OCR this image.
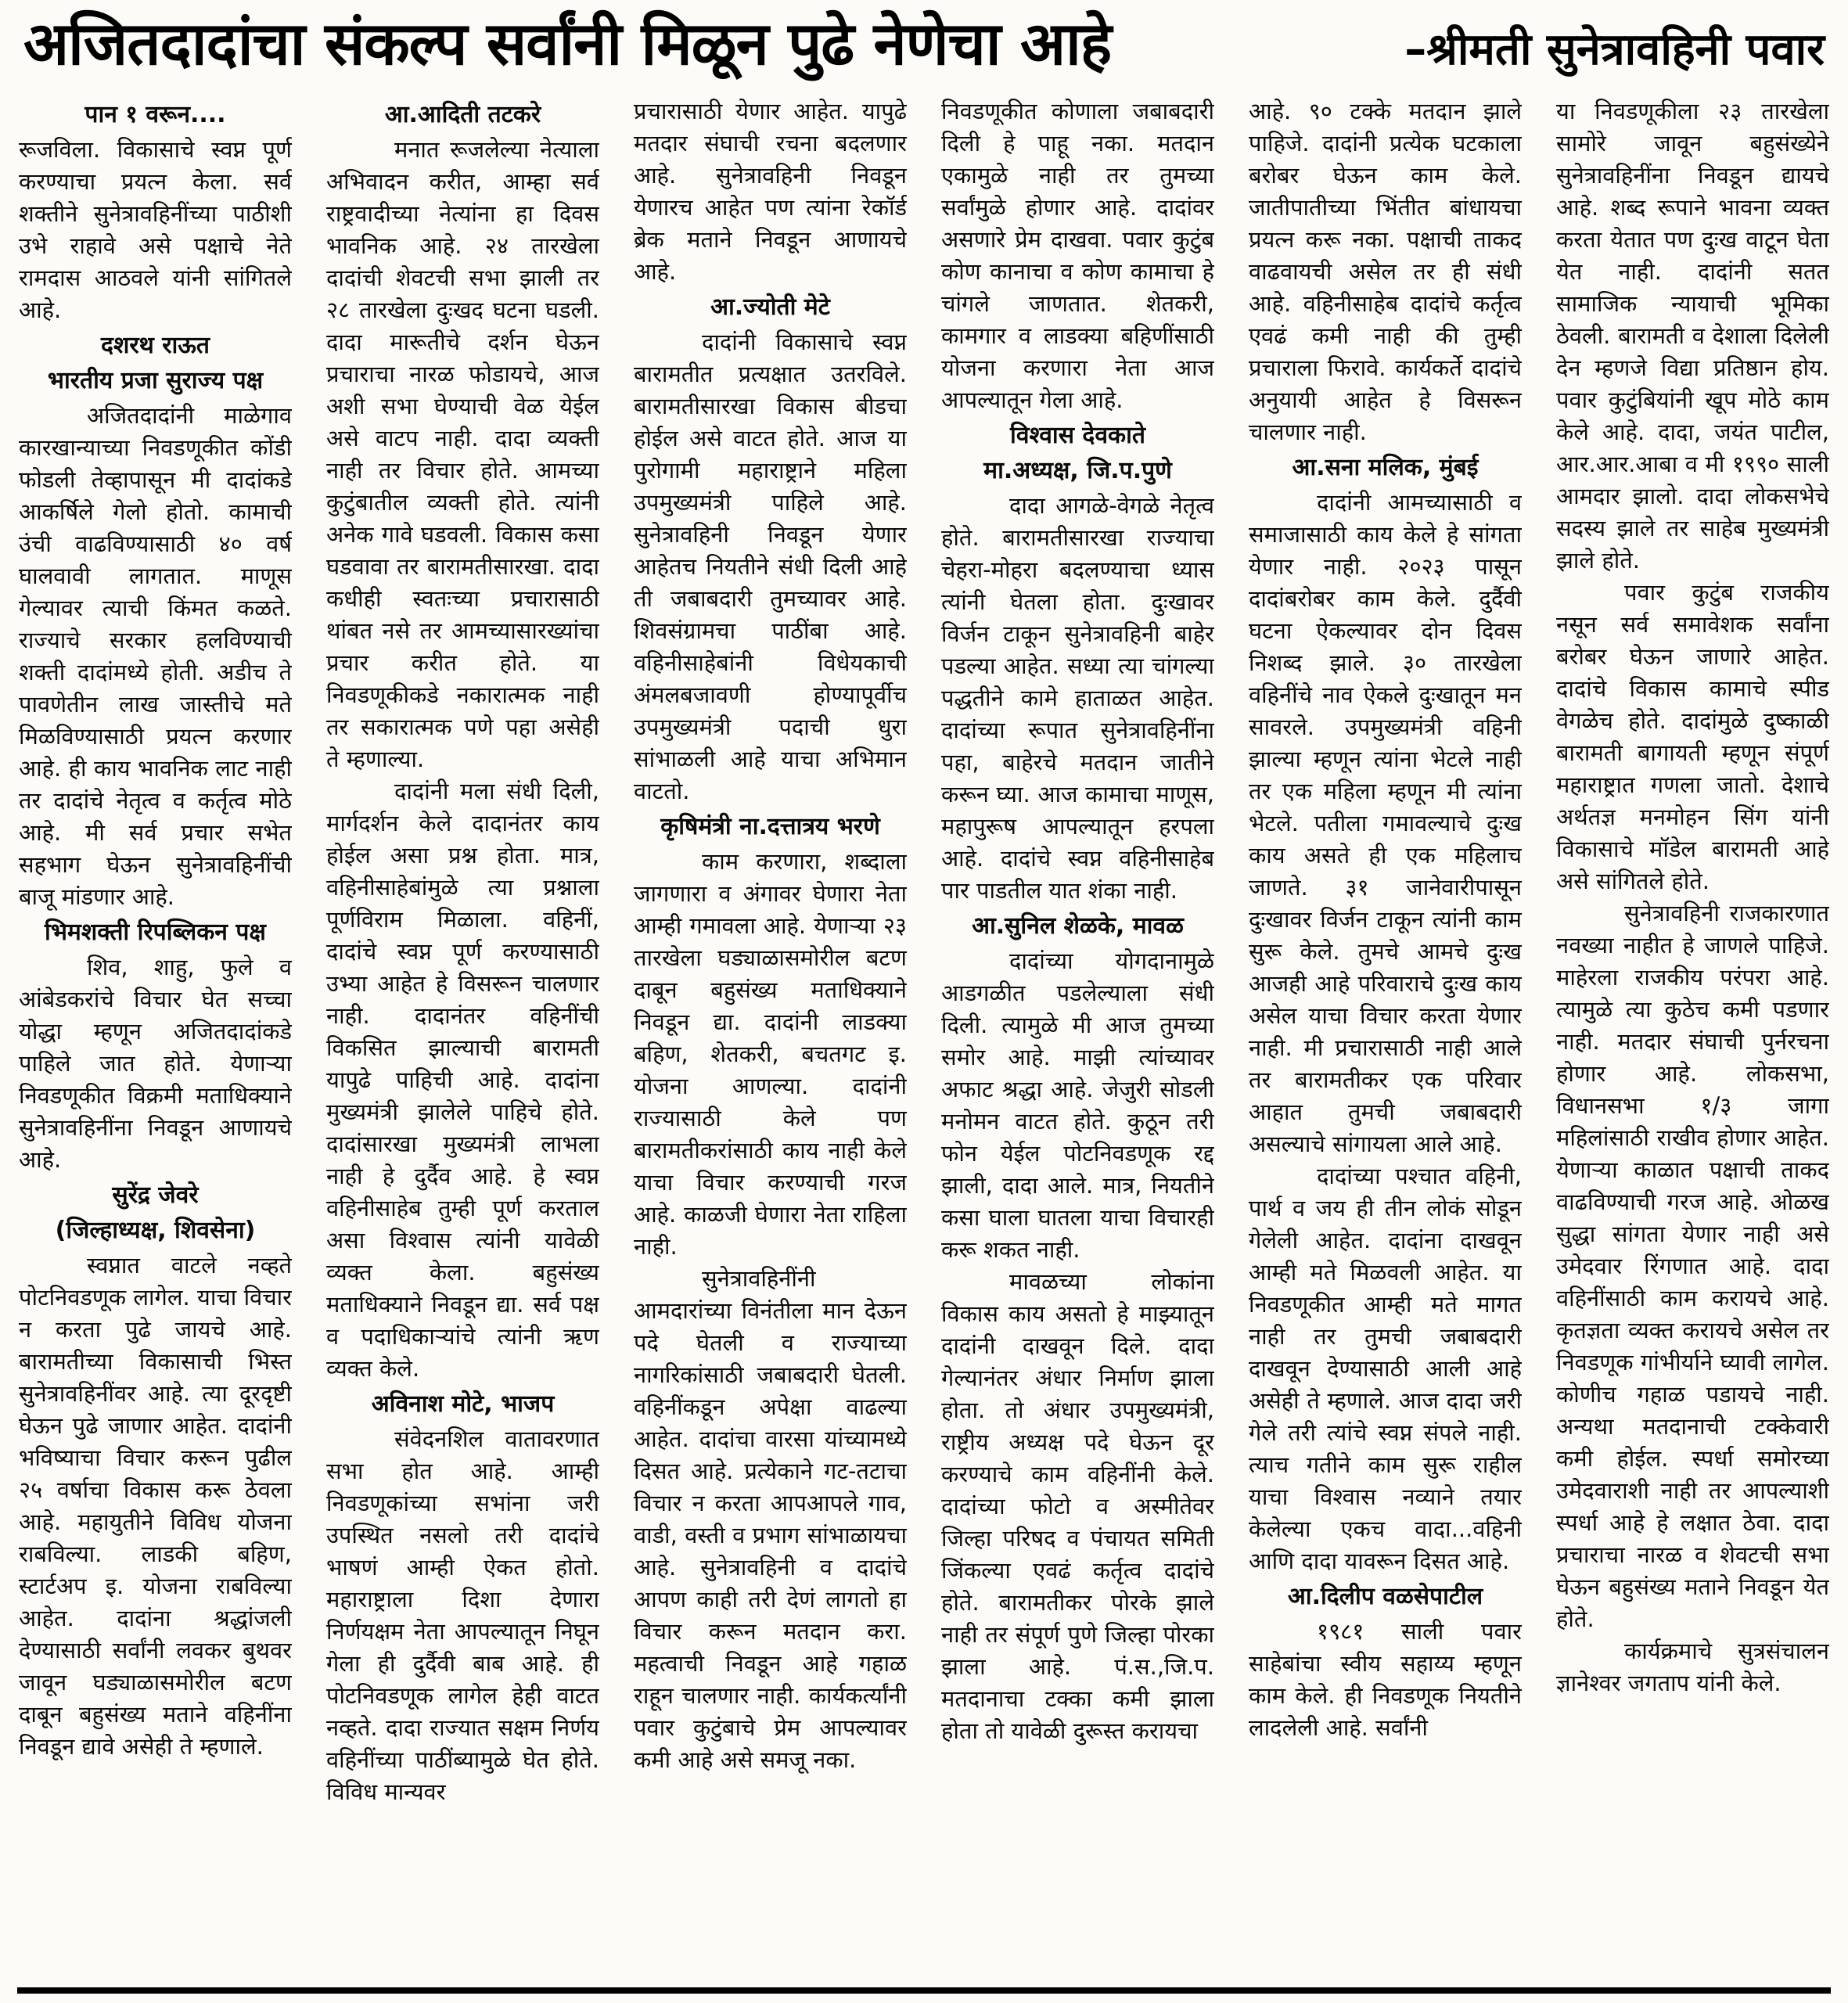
अजितदादांचा संकल्प सर्वांनी मिळून पुढे नेणेचा आहे	–श्रीमती सुनेत्रावहिनी पवार
पान १ वरून....

रूजविला. विकासाचे स्वप्न पूर्ण करण्याचा प्रयत्न केला. सर्व शक्तीने सुनेत्रावहिनींच्या पाठीशी उभे राहावे असे पक्षाचे नेते रामदास आठवले यांनी सांगितले आहे.

दशरथ राऊत
भारतीय प्रजा सुराज्य पक्ष

अजितदादांनी माळेगाव कारखान्याच्या निवडणूकीत कोंडी फोडली तेव्हापासून मी दादांकडे आकर्षिले गेलो होतो. कामाची उंची वाढविण्यासाठी ४० वर्ष घालवावी लागतात. माणूस गेल्यावर त्याची किंमत कळते. राज्याचे सरकार हलविण्याची शक्ती दादांमध्ये होती. अडीच ते पावणेतीन लाख जास्तीचे मते मिळविण्यासाठी प्रयत्न करणार आहे. ही काय भावनिक लाट नाही तर दादांचे नेतृत्व व कर्तृत्व मोठे आहे. मी सर्व प्रचार सभेत सहभाग घेऊन सुनेत्रावहिनींची बाजू मांडणार आहे.

भिमशक्ती रिपब्लिकन पक्ष

शिव, शाहु, फुले व आंबेडकरांचे विचार घेत सच्चा योद्धा म्हणून अजितदादांकडे पाहिले जात होते. येणाऱ्या निवडणूकीत विक्रमी मताधिक्याने सुनेत्रावहिनींना निवडून आणायचे आहे.

सुरेंद्र जेवरे
(जिल्हाध्यक्ष, शिवसेना)

स्वप्नात वाटले नव्हते पोटनिवडणूक लागेल. याचा विचार न करता पुढे जायचे आहे. बारामतीच्या विकासाची भिस्त सुनेत्रावहिनींवर आहे. त्या दूरदृष्टी घेऊन पुढे जाणार आहेत. दादांनी भविष्याचा विचार करून पुढील २५ वर्षाचा विकास करू ठेवला आहे. महायुतीने विविध योजना राबविल्या. लाडकी बहिण, स्टार्टअप इ. योजना राबविल्या आहेत. दादांना श्रद्धांजली देण्यासाठी सर्वांनी लवकर बुथवर जावून घड्याळासमोरील बटण दाबून बहुसंख्य मताने वहिनींना निवडून द्यावे असेही ते म्हणाले.

आ.आदिती तटकरे

मनात रूजलेल्या नेत्याला अभिवादन करीत, आम्हा सर्व राष्ट्रवादीच्या नेत्यांना हा दिवस भावनिक आहे. २४ तारखेला दादांची शेवटची सभा झाली तर २८ तारखेला दुःखद घटना घडली. दादा मारूतीचे दर्शन घेऊन प्रचाराचा नारळ फोडायचे, आज अशी सभा घेण्याची वेळ येईल असे वाटप नाही. दादा व्यक्ती नाही तर विचार होते. आमच्या कुटुंबातील व्यक्ती होते. त्यांनी अनेक गावे घडवली. विकास कसा घडवावा तर बारामतीसारखा. दादा कधीही स्वतःच्या प्रचारासाठी थांबत नसे तर आमच्यासारख्यांचा प्रचार करीत होते. या निवडणूकीकडे नकारात्मक नाही तर सकारात्मक पणे पहा असेही ते म्हणाल्या.

दादांनी मला संधी दिली, मार्गदर्शन केले दादानंतर काय होईल असा प्रश्न होता. मात्र, वहिनीसाहेबांमुळे त्या प्रश्नाला पूर्णविराम मिळाला. वहिनीं, दादांचे स्वप्न पूर्ण करण्यासाठी उभ्या आहेत हे विसरून चालणार नाही. दादानंतर वहिनींची विकसित झाल्याची बारामती यापुढे पाहिची आहे. दादांना मुख्यमंत्री झालेले पाहिचे होते. दादांसारखा मुख्यमंत्री लाभला नाही हे दुर्दैव आहे. हे स्वप्न वहिनीसाहेब तुम्ही पूर्ण करताल असा विश्वास त्यांनी यावेळी व्यक्त केला. बहुसंख्य मताधिक्याने निवडून द्या. सर्व पक्ष व पदाधिकाऱ्यांचे त्यांनी ऋण व्यक्त केले.

अविनाश मोटे, भाजप

संवेदनशिल वातावरणात सभा होत आहे. आम्ही निवडणूकांच्या सभांना जरी उपस्थित नसलो तरी दादांचे भाषणं आम्ही ऐकत होतो. महाराष्ट्राला दिशा देणारा निर्णयक्षम नेता आपल्यातून निघून गेला ही दुर्दैवी बाब आहे. ही पोटनिवडणूक लागेल हेही वाटत नव्हते. दादा राज्यात सक्षम निर्णय वहिनींच्या पाठींब्यामुळे घेत होते. विविध मान्यवर

प्रचारासाठी येणार आहेत. यापुढे मतदार संघाची रचना बदलणार आहे. सुनेत्रावहिनी निवडून येणारच आहेत पण त्यांना रेकॉर्ड ब्रेक मताने निवडून आणायचे आहे.

आ.ज्योती मेटे

दादांनी विकासाचे स्वप्न बारामतीत प्रत्यक्षात उतरविले. बारामतीसारखा विकास बीडचा होईल असे वाटत होते. आज या पुरोगामी महाराष्ट्राने महिला उपमुख्यमंत्री पाहिले आहे. सुनेत्रावहिनी निवडून येणार आहेतच नियतीने संधी दिली आहे ती जबाबदारी तुमच्यावर आहे. शिवसंग्रामचा पाठींबा आहे. वहिनीसाहेबांनी विधेयकाची अंमलबजावणी होण्यापूर्वीच उपमुख्यमंत्री पदाची धुरा सांभाळली आहे याचा अभिमान वाटतो.

कृषिमंत्री ना.दत्तात्रय भरणे

काम करणारा, शब्दाला जागणारा व अंगावर घेणारा नेता आम्ही गमावला आहे. येणाऱ्या २३ तारखेला घड्याळासमोरील बटण दाबून बहुसंख्य मताधिक्याने निवडून द्या. दादांनी लाडक्या बहिण, शेतकरी, बचतगट इ. योजना आणल्या. दादांनी राज्यासाठी केले पण बारामतीकरांसाठी काय नाही केले याचा विचार करण्याची गरज आहे. काळजी घेणारा नेता राहिला नाही.

सुनेत्रावहिनींनी आमदारांच्या विनंतीला मान देऊन पदे घेतली व राज्याच्या नागरिकांसाठी जबाबदारी घेतली. वहिनींकडून अपेक्षा वाढल्या आहेत. दादांचा वारसा यांच्यामध्ये दिसत आहे. प्रत्येकाने गट-तटाचा विचार न करता आपआपले गाव, वाडी, वस्ती व प्रभाग सांभाळायचा आहे. सुनेत्रावहिनी व दादांचे आपण काही तरी देणं लागतो हा विचार करून मतदान करा. महत्वाची निवडून आहे गहाळ राहून चालणार नाही. कार्यकर्त्यांनी पवार कुटुंबाचे प्रेम आपल्यावर कमी आहे असे समजू नका.

निवडणूकीत कोणाला जबाबदारी दिली हे पाहू नका. मतदान एकामुळे नाही तर तुमच्या सर्वांमुळे होणार आहे. दादांवर असणारे प्रेम दाखवा. पवार कुटुंब कोण कानाचा व कोण कामाचा हे चांगले जाणतात. शेतकरी, कामगार व लाडक्या बहिणींसाठी योजना करणारा नेता आज आपल्यातून गेला आहे.

विश्वास देवकाते
मा.अध्यक्ष, जि.प.पुणे

दादा आगळे-वेगळे नेतृत्व होते. बारामतीसारखा राज्याचा चेहरा-मोहरा बदलण्याचा ध्यास त्यांनी घेतला होता. दुःखावर विर्जन टाकून सुनेत्रावहिनी बाहेर पडल्या आहेत. सध्या त्या चांगल्या पद्धतीने कामे हाताळत आहेत. दादांच्या रूपात सुनेत्रावहिनींना पहा, बाहेरचे मतदान जातीने करून घ्या. आज कामाचा माणूस, महापुरूष आपल्यातून हरपला आहे. दादांचे स्वप्न वहिनीसाहेब पार पाडतील यात शंका नाही.

आ.सुनिल शेळके, मावळ

दादांच्या योगदानामुळे आडगळीत पडलेल्याला संधी दिली. त्यामुळे मी आज तुमच्या समोर आहे. माझी त्यांच्यावर अफाट श्रद्धा आहे. जेजुरी सोडली मनोमन वाटत होते. कुठून तरी फोन येईल पोटनिवडणूक रद्द झाली, दादा आले. मात्र, नियतीने कसा घाला घातला याचा विचारही करू शकत नाही.

मावळच्या लोकांना विकास काय असतो हे माझ्यातून दादांनी दाखवून दिले. दादा गेल्यानंतर अंधार निर्माण झाला होता. तो अंधार उपमुख्यमंत्री, राष्ट्रीय अध्यक्ष पदे घेऊन दूर करण्याचे काम वहिनींनी केले. दादांच्या फोटो व अस्मीतेवर जिल्हा परिषद व पंचायत समिती जिंकल्या एवढं कर्तृत्व दादांचे होते. बारामतीकर पोरके झाले नाही तर संपूर्ण पुणे जिल्हा पोरका झाला आहे. पं.स.,जि.प. मतदानाचा टक्का कमी झाला होता तो यावेळी दुरूस्त करायचा

आहे. ९० टक्के मतदान झाले पाहिजे. दादांनी प्रत्येक घटकाला बरोबर घेऊन काम केले. जातीपातीच्या भिंतीत बांधायचा प्रयत्न करू नका. पक्षाची ताकद वाढवायची असेल तर ही संधी आहे. वहिनीसाहेब दादांचे कर्तृत्व एवढं कमी नाही की तुम्ही प्रचाराला फिरावे. कार्यकर्ते दादांचे अनुयायी आहेत हे विसरून चालणार नाही.

आ.सना मलिक, मुंबई

दादांनी आमच्यासाठी व समाजासाठी काय केले हे सांगता येणार नाही. २०२३ पासून दादांबरोबर काम केले. दुर्दैवी घटना ऐकल्यावर दोन दिवस निशब्द झाले. ३० तारखेला वहिनींचे नाव ऐकले दुःखातून मन सावरले. उपमुख्यमंत्री वहिनी झाल्या म्हणून त्यांना भेटले नाही तर एक महिला म्हणून मी त्यांना भेटले. पतीला गमावल्याचे दुःख काय असते ही एक महिलाच जाणते. ३१ जानेवारीपासून दुःखावर विर्जन टाकून त्यांनी काम सुरू केले. तुमचे आमचे दुःख आजही आहे परिवाराचे दुःख काय असेल याचा विचार करता येणार नाही. मी प्रचारासाठी नाही आले तर बारामतीकर एक परिवार आहात तुमची जबाबदारी असल्याचे सांगायला आले आहे.

दादांच्या पश्चात वहिनी, पार्थ व जय ही तीन लोकं सोडून गेलेली आहेत. दादांना दाखवून आम्ही मते मिळवली आहेत. या निवडणूकीत आम्ही मते मागत नाही तर तुमची जबाबदारी दाखवून देण्यासाठी आली आहे असेही ते म्हणाले. आज दादा जरी गेले तरी त्यांचे स्वप्न संपले नाही. त्याच गतीने काम सुरू राहील याचा विश्वास नव्याने तयार केलेल्या एकच वादा...वहिनी आणि दादा यावरून दिसत आहे.

आ.दिलीप वळसेपाटील

१९८१ साली पवार साहेबांचा स्वीय सहाय्य म्हणून काम केले. ही निवडणूक नियतीने लादलेली आहे. सर्वांनी

या निवडणूकीला २३ तारखेला सामोरे जावून बहुसंख्येने सुनेत्रावहिनींना निवडून द्यायचे आहे. शब्द रूपाने भावना व्यक्त करता येतात पण दुःख वाटून घेता येत नाही. दादांनी सतत सामाजिक न्यायाची भूमिका ठेवली. बारामती व देशाला दिलेली देन म्हणजे विद्या प्रतिष्ठान होय. पवार कुटुंबियांनी खूप मोठे काम केले आहे. दादा, जयंत पाटील, आर.आर.आबा व मी १९९० साली आमदार झालो. दादा लोकसभेचे सदस्य झाले तर साहेब मुख्यमंत्री झाले होते.

पवार कुटुंब राजकीय नसून सर्व समावेशक सर्वांना बरोबर घेऊन जाणारे आहेत. दादांचे विकास कामाचे स्पीड वेगळेच होते. दादांमुळे दुष्काळी बारामती बागायती म्हणून संपूर्ण महाराष्ट्रात गणला जातो. देशाचे अर्थतज्ञ मनमोहन सिंग यांनी विकासाचे मॉडेल बारामती आहे असे सांगितले होते.

सुनेत्रावहिनी राजकारणात नवख्या नाहीत हे जाणले पाहिजे. माहेरला राजकीय परंपरा आहे. त्यामुळे त्या कुठेच कमी पडणार नाही. मतदार संघाची पुर्नरचना होणार आहे. लोकसभा, विधानसभा १/३ जागा महिलांसाठी राखीव होणार आहेत. येणाऱ्या काळात पक्षाची ताकद वाढविण्याची गरज आहे. ओळख सुद्धा सांगता येणार नाही असे उमेदवार रिंगणात आहे. दादा वहिनींसाठी काम करायचे आहे. कृतज्ञता व्यक्त करायचे असेल तर निवडणूक गांभीर्याने घ्यावी लागेल. कोणीच गहाळ पडायचे नाही. अन्यथा मतदानाची टक्केवारी कमी होईल. स्पर्धा समोरच्या उमेदवाराशी नाही तर आपल्याशी स्पर्धा आहे हे लक्षात ठेवा. दादा प्रचाराचा नारळ व शेवटची सभा घेऊन बहुसंख्य मताने निवडून येत होते.

कार्यक्रमाचे सुत्रसंचालन ज्ञानेश्वर जगताप यांनी केले.
